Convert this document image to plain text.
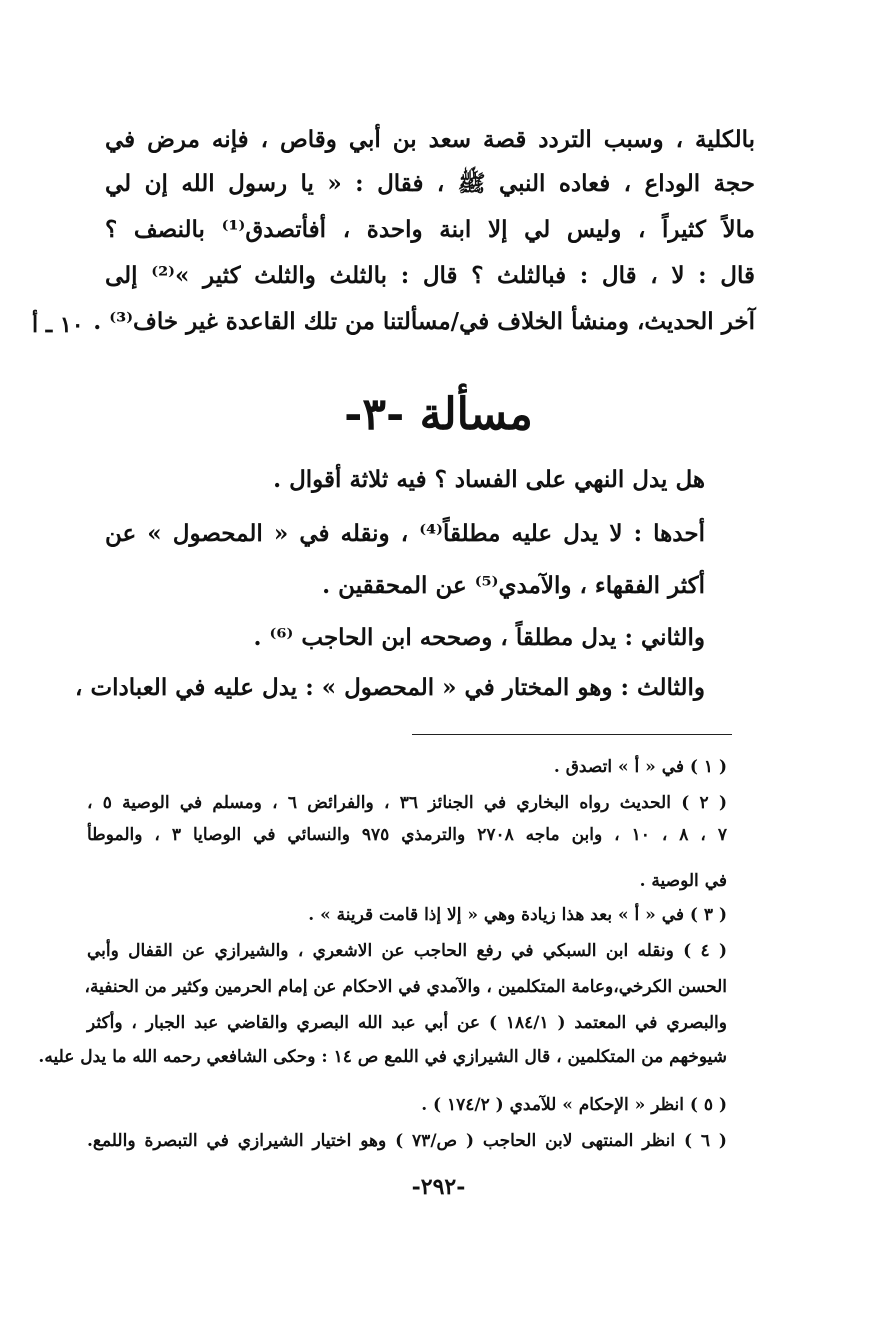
١٠ ـ أ
بالكلية ، وسبب التردد قصة سعد بن أبي وقاص ، فإنه مرض في
حجة الوداع ، فعاده النبي ﷺ ، فقال : « يا رسول الله إن لي
مالاً كثيراً ، وليس لي إلا ابنة واحدة ، أفأتصدق⁽¹⁾ بالنصف ؟
قال : لا ، قال : فبالثلث ؟ قال : بالثلث والثلث كثير »⁽²⁾ إلى
آخر الحديث، ومنشأ الخلاف في/مسألتنا من تلك القاعدة غير خاف⁽³⁾ .
مسألة -٣-
هل يدل النهي على الفساد ؟ فيه ثلاثة أقوال .
أحدها : لا يدل عليه مطلقاً⁽⁴⁾ ، ونقله في « المحصول » عن
أكثر الفقهاء ، والآمدي⁽⁵⁾ عن المحققين .
والثاني : يدل مطلقاً ، وصححه ابن الحاجب ⁽⁶⁾ .
والثالث : وهو المختار في « المحصول » : يدل عليه في العبادات ،
( ١ ) في « أ » اتصدق .
( ٢ ) الحديث رواه البخاري في الجنائز ٣٦ ، والفرائض ٦ ، ومسلم في الوصية ٥ ،
٧ ، ٨ ، ١٠ ، وابن ماجه ٢٧٠٨ والترمذي ٩٧٥ والنسائي في الوصايا ٣ ، والموطأ
في الوصية .
( ٣ ) في « أ » بعد هذا زيادة وهي « إلا إذا قامت قرينة » .
( ٤ ) ونقله ابن السبكي في رفع الحاجب عن الاشعري ، والشيرازي عن القفال وأبي
الحسن الكرخي،وعامة المتكلمين ، والآمدي في الاحكام عن إمام الحرمين وكثير من الحنفية،
والبصري في المعتمد ( ١٨٤/١ ) عن أبي عبد الله البصري والقاضي عبد الجبار ، وأكثر
شيوخهم من المتكلمين ، قال الشيرازي في اللمع ص ١٤ : وحكى الشافعي رحمه الله ما يدل عليه.
( ٥ ) انظر « الإحكام » للآمدي ( ١٧٤/٢ ) .
( ٦ ) انظر المنتهى لابن الحاجب ( ص/٧٣ ) وهو اختيار الشيرازي في التبصرة واللمع.
-٢٩٢-
